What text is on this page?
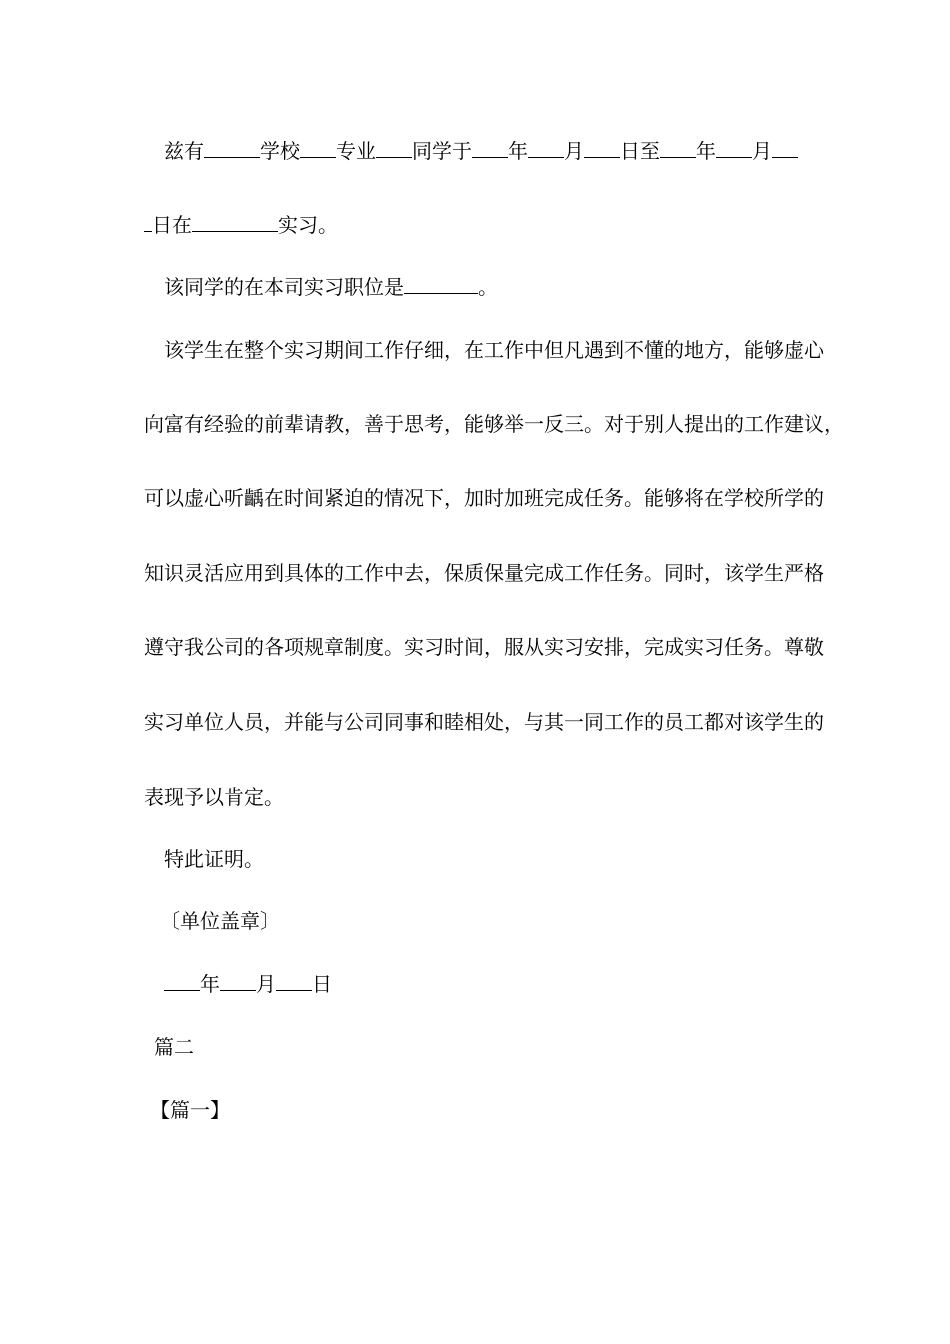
兹有	学校 专业 同学于 年 月 日至 年 月
日在	实习。
该同学的在本司实习职位是	。
该学生在整个实习期间工作仔细，在工作中但凡遇到不懂的地方，能够虚心
向富有经验的前辈请教，善于思考，能够举一反三。对于别人提出的工作建议，
可以虚心听齲在时间紧迫的情况下，加时加班完成任务。能够将在学校所学的
知识灵活应用到具体的工作中去，保质保量完成工作任务。同时，该学生严格
遵守我公司的各项规章制度。实习时间，服从实习安排，完成实习任务。尊敬
实习单位人员，并能与公司同事和睦相处，与其一同工作的员工都对该学生的
表现予以肯定。
特此证明。
〔单位盖章〕
年 月 日
篇二
【篇一】
